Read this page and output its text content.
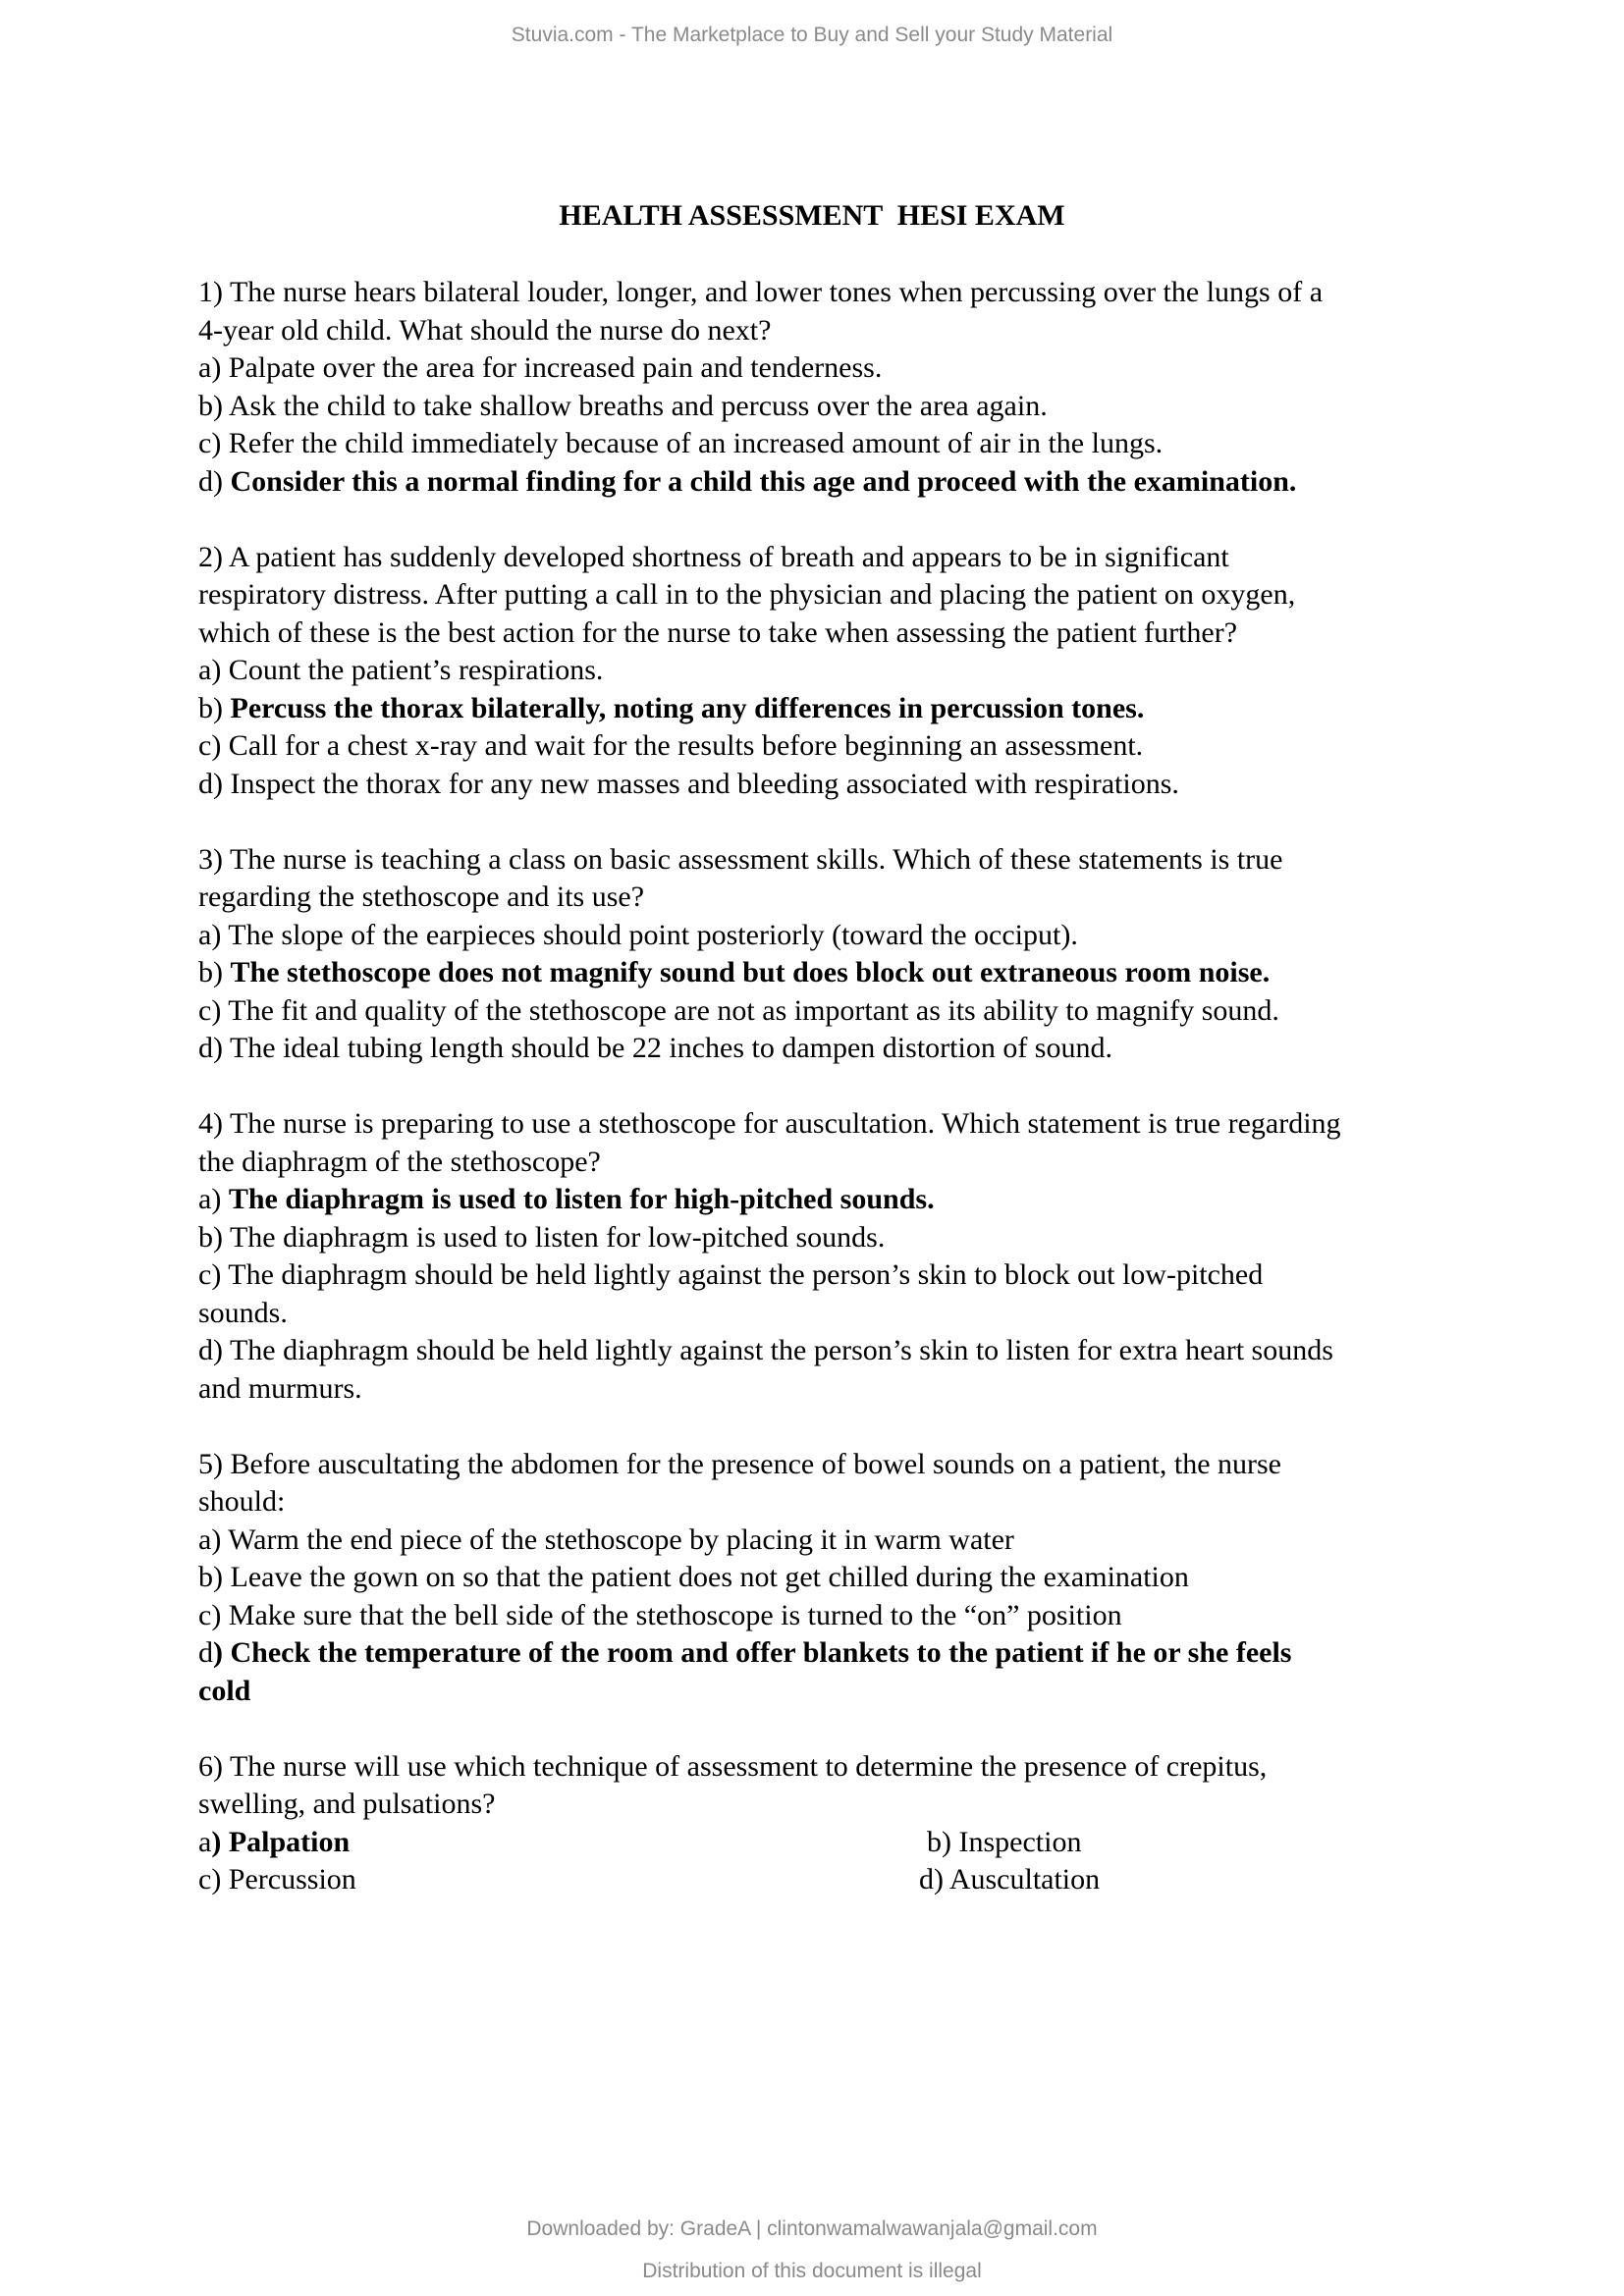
Stuvia.com - The Marketplace to Buy and Sell your Study Material
HEALTH ASSESSMENT  HESI EXAM
1) The nurse hears bilateral louder, longer, and lower tones when percussing over the lungs of a
4-year old child. What should the nurse do next?
a) Palpate over the area for increased pain and tenderness.
b) Ask the child to take shallow breaths and percuss over the area again.
c) Refer the child immediately because of an increased amount of air in the lungs.
d) Consider this a normal finding for a child this age and proceed with the examination.
2) A patient has suddenly developed shortness of breath and appears to be in significant
respiratory distress. After putting a call in to the physician and placing the patient on oxygen,
which of these is the best action for the nurse to take when assessing the patient further?
a) Count the patient’s respirations.
b) Percuss the thorax bilaterally, noting any differences in percussion tones.
c) Call for a chest x-ray and wait for the results before beginning an assessment.
d) Inspect the thorax for any new masses and bleeding associated with respirations.
3) The nurse is teaching a class on basic assessment skills. Which of these statements is true
regarding the stethoscope and its use?
a) The slope of the earpieces should point posteriorly (toward the occiput).
b) The stethoscope does not magnify sound but does block out extraneous room noise.
c) The fit and quality of the stethoscope are not as important as its ability to magnify sound.
d) The ideal tubing length should be 22 inches to dampen distortion of sound.
4) The nurse is preparing to use a stethoscope for auscultation. Which statement is true regarding
the diaphragm of the stethoscope?
a) The diaphragm is used to listen for high-pitched sounds.
b) The diaphragm is used to listen for low-pitched sounds.
c) The diaphragm should be held lightly against the person’s skin to block out low-pitched
sounds.
d) The diaphragm should be held lightly against the person’s skin to listen for extra heart sounds
and murmurs.
5) Before auscultating the abdomen for the presence of bowel sounds on a patient, the nurse
should:
a) Warm the end piece of the stethoscope by placing it in warm water
b) Leave the gown on so that the patient does not get chilled during the examination
c) Make sure that the bell side of the stethoscope is turned to the “on” position
d) Check the temperature of the room and offer blankets to the patient if he or she feels
cold
6) The nurse will use which technique of assessment to determine the presence of crepitus,
swelling, and pulsations?
a) Palpation	b) Inspection
c) Percussion	d) Auscultation
Downloaded by: GradeA | clintonwamalwawanjala@gmail.com
Distribution of this document is illegal
